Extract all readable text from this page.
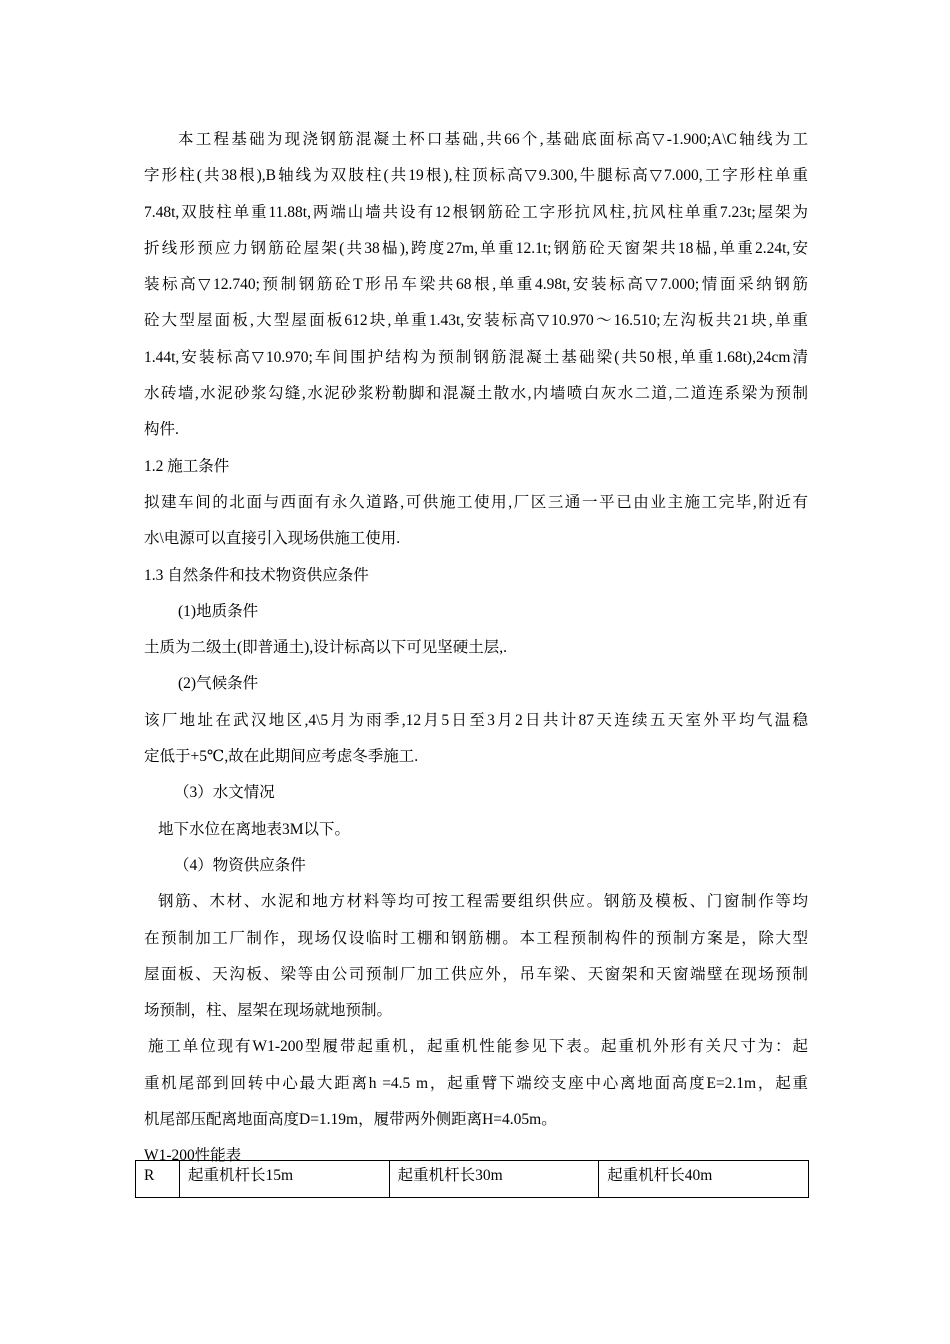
本工程基础为现浇钢筋混凝土杯口基础,共66个,基础底面标高▽-1.900;A\C轴线为工
字形柱(共38根),B轴线为双肢柱(共19根),柱顶标高▽9.300,牛腿标高▽7.000,工字形柱单重
7.48t,双肢柱单重11.88t,两端山墙共设有12根钢筋砼工字形抗风柱,抗风柱单重7.23t;屋架为
折线形预应力钢筋砼屋架(共38榀),跨度27m,单重12.1t;钢筋砼天窗架共18榀,单重2.24t,安
装标高▽12.740;预制钢筋砼T形吊车梁共68根,单重4.98t,安装标高▽7.000;情面采纳钢筋
砼大型屋面板,大型屋面板612块,单重1.43t,安装标高▽10.970～16.510;左沟板共21块,单重
1.44t,安装标高▽10.970;车间围护结构为预制钢筋混凝土基础梁(共50根,单重1.68t),24cm清
水砖墙,水泥砂浆勾缝,水泥砂浆粉勒脚和混凝土散水,内墙喷白灰水二道,二道连系梁为预制
构件.
1.2 施工条件
拟建车间的北面与西面有永久道路,可供施工使用,厂区三通一平已由业主施工完毕,附近有
水\电源可以直接引入现场供施工使用.
1.3 自然条件和技术物资供应条件
(1)地质条件
土质为二级土(即普通土),设计标高以下可见坚硬土层,.
(2)气候条件
该厂地址在武汉地区,4\5月为雨季,12月5日至3月2日共计87天连续五天室外平均气温稳
定低于+5℃,故在此期间应考虑冬季施工.
（3）水文情况
地下水位在离地表3M以下。
（4）物资供应条件
钢筋、木材、水泥和地方材料等均可按工程需要组织供应。钢筋及模板、门窗制作等均
在预制加工厂制作，现场仅设临时工棚和钢筋棚。本工程预制构件的预制方案是，除大型
屋面板、天沟板、梁等由公司预制厂加工供应外，吊车梁、天窗架和天窗端壁在现场预制
场预制，柱、屋架在现场就地预制。
施工单位现有W1-200型履带起重机，起重机性能参见下表。起重机外形有关尺寸为：起
重机尾部到回转中心最大距离h =4.5 m，起重臂下端绞支座中心离地面高度E=2.1m，起重
机尾部压配离地面高度D=1.19m，履带两外侧距离H=4.05m。
W1-200性能表
R	起重机杆长15m	起重机杆长30m	起重机杆长40m
